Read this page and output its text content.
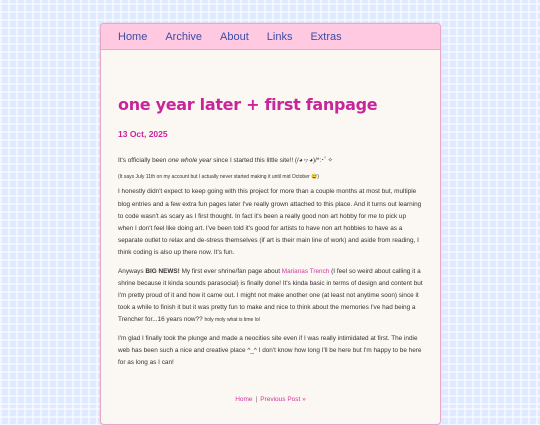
Home Archive About Links Extras
one year later + first fanpage
13 Oct, 2025

It's officially been one whole year since I started this little site!! (/◕ヮ◕)/*:･ﾟ✧

(It says July 11th on my account but I actually never started making it until mid October 😅)

I honestly didn't expect to keep going with this project for more than a couple months at most but, multiple blog entries and a few extra fun pages later I've really grown attached to this place. And it turns out learning to code wasn't as scary as I first thought. In fact it's been a really good non art hobby for me to pick up when I don't feel like doing art. I've been told it's good for artists to have non art hobbies to have as a separate outlet to relax and de-stress themselves (if art is their main line of work) and aside from reading, I think coding is also up there now. It's fun.

Anyways BIG NEWS! My first ever shrine/fan page about Marianas Trench (I feel so weird about calling it a shrine because it kinda sounds parasocial) is finally done! It's kinda basic in terms of design and content but I'm pretty proud of it and how it came out. I might not make another one (at least not anytime soon) since it took a while to finish it but it was pretty fun to make and nice to think about the memories I've had being a Trencher for...16 years now?? holy moly what is time lol

I'm glad I finally took the plunge and made a neocities site even if I was really intimidated at first. The indie web has been such a nice and creative place ^_^ I don't know how long I'll be here but I'm happy to be here for as long as I can!

Home | Previous Post »
